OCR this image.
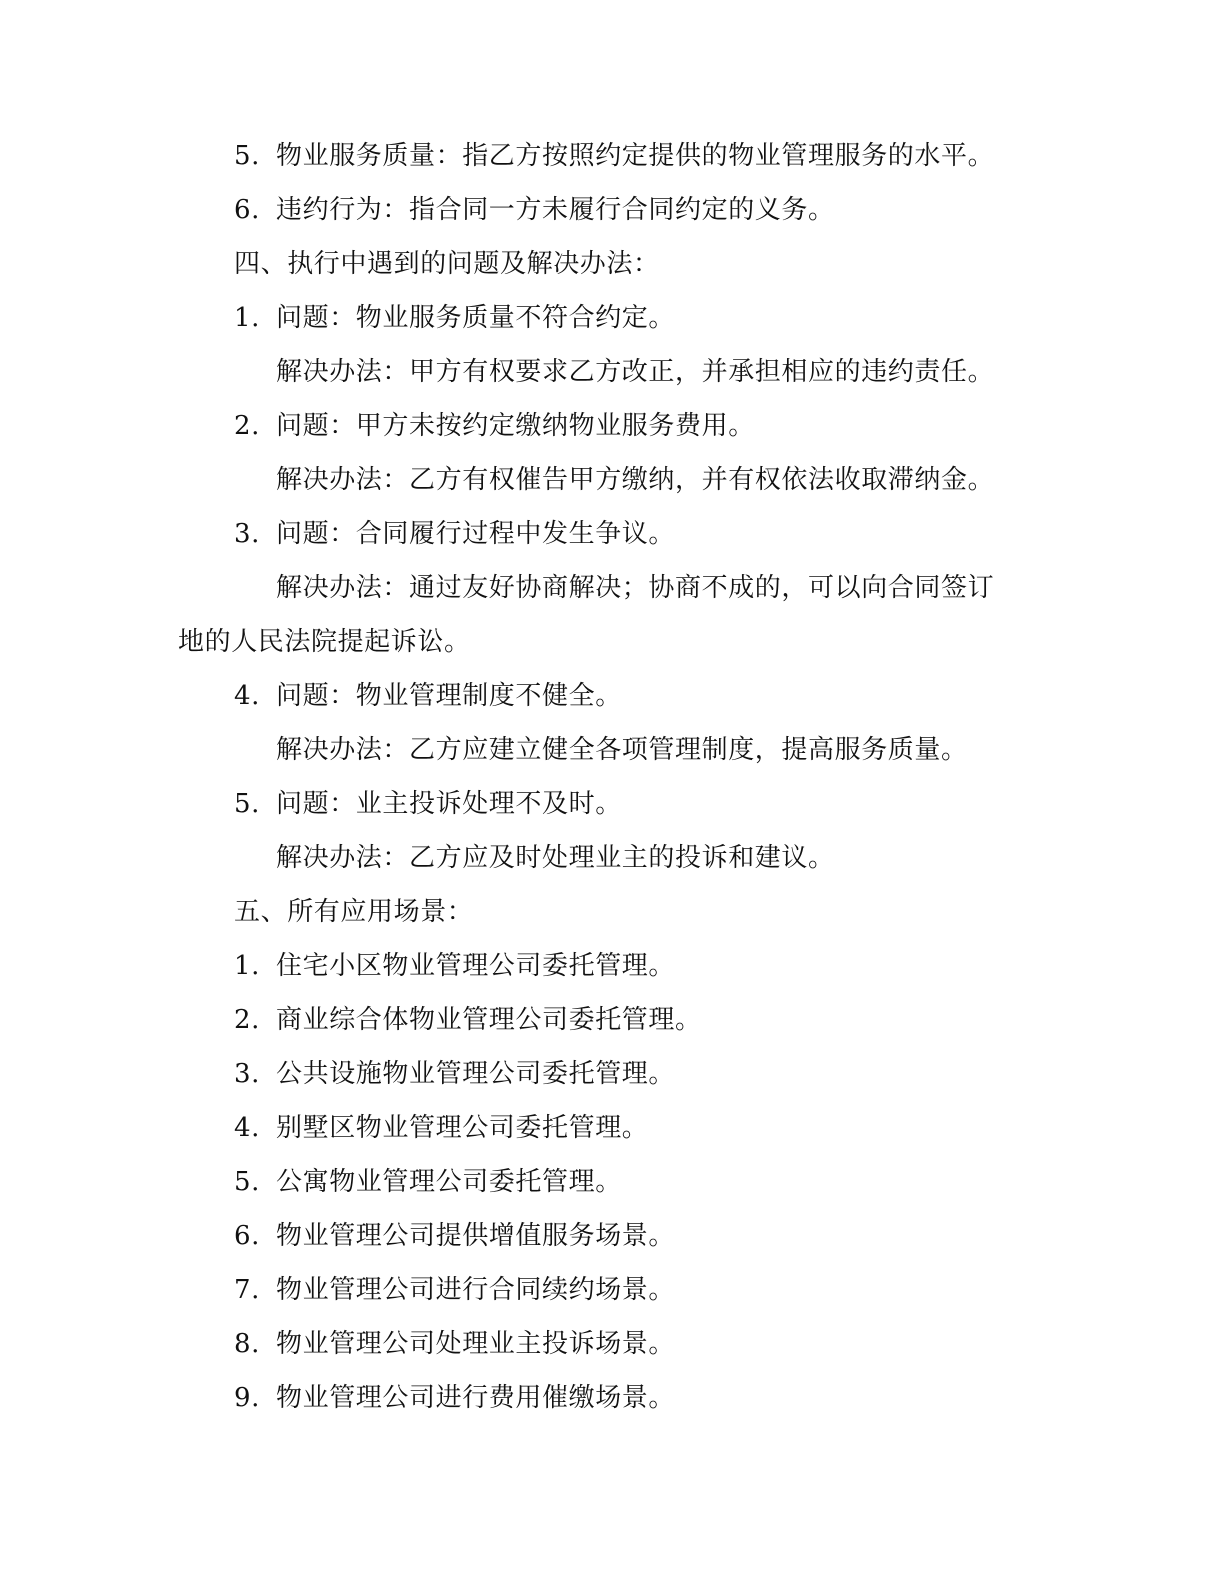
5. 物业服务质量：指乙方按照约定提供的物业管理服务的水平。
6. 违约行为：指合同一方未履行合同约定的义务。
四、执行中遇到的问题及解决办法：
1. 问题：物业服务质量不符合约定。
解决办法：甲方有权要求乙方改正，并承担相应的违约责任。
2. 问题：甲方未按约定缴纳物业服务费用。
解决办法：乙方有权催告甲方缴纳，并有权依法收取滞纳金。
3. 问题：合同履行过程中发生争议。
解决办法：通过友好协商解决；协商不成的，可以向合同签订
地的人民法院提起诉讼。
4. 问题：物业管理制度不健全。
解决办法：乙方应建立健全各项管理制度，提高服务质量。
5. 问题：业主投诉处理不及时。
解决办法：乙方应及时处理业主的投诉和建议。
五、所有应用场景：
1. 住宅小区物业管理公司委托管理。
2. 商业综合体物业管理公司委托管理。
3. 公共设施物业管理公司委托管理。
4. 别墅区物业管理公司委托管理。
5. 公寓物业管理公司委托管理。
6. 物业管理公司提供增值服务场景。
7. 物业管理公司进行合同续约场景。
8. 物业管理公司处理业主投诉场景。
9. 物业管理公司进行费用催缴场景。
